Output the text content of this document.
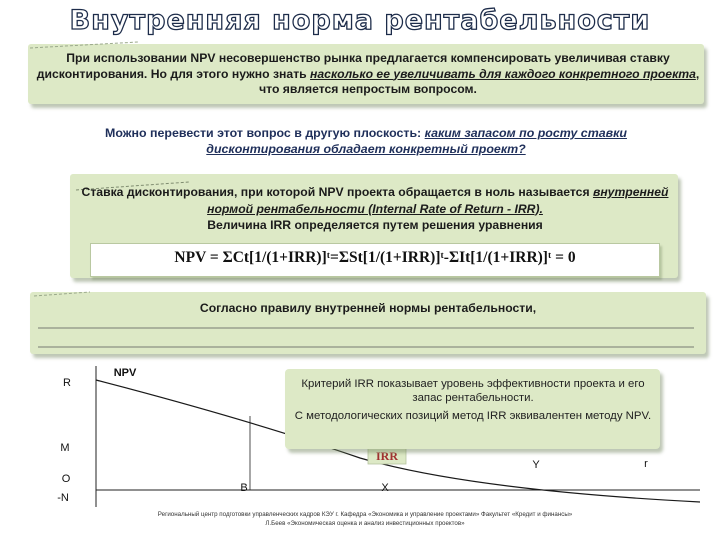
Внутренняя норма рентабельности
При использовании NPV несовершенство рынка предлагается компенсировать увеличивая ставку дисконтирования. Но для этого нужно знать насколько ее увеличивать для каждого конкретного проекта, что является непростым вопросом.
Можно перевести этот вопрос в другую плоскость: каким запасом по росту ставки дисконтирования обладает конкретный проект?
Ставка дисконтирования, при которой NPV проекта обращается в ноль называется внутренней нормой рентабельности (Internal Rate of Return - IRR).
Величина IRR определяется путем решения уравнения
NPV = ΣCt[1/(1+IRR)]ᵗ=ΣSt[1/(1+IRR)]ᵗ-ΣIt[1/(1+IRR)]ᵗ = 0
Согласно правилу внутренней нормы рентабельности,
IRR
NPV
R
M
O
-N
B	X
Y	r
Критерий IRR показывает уровень эффективности проекта и его запас рентабельности.
С методологических позиций метод IRR эквивалентен методу NPV.
Региональный центр подготовки управленческих кадров КЭУ г. Кафедра «Экономика и управление проектами» Факультет «Кредит и финансы»
Л.Беев «Экономическая оценка и анализ инвестиционных проектов»
